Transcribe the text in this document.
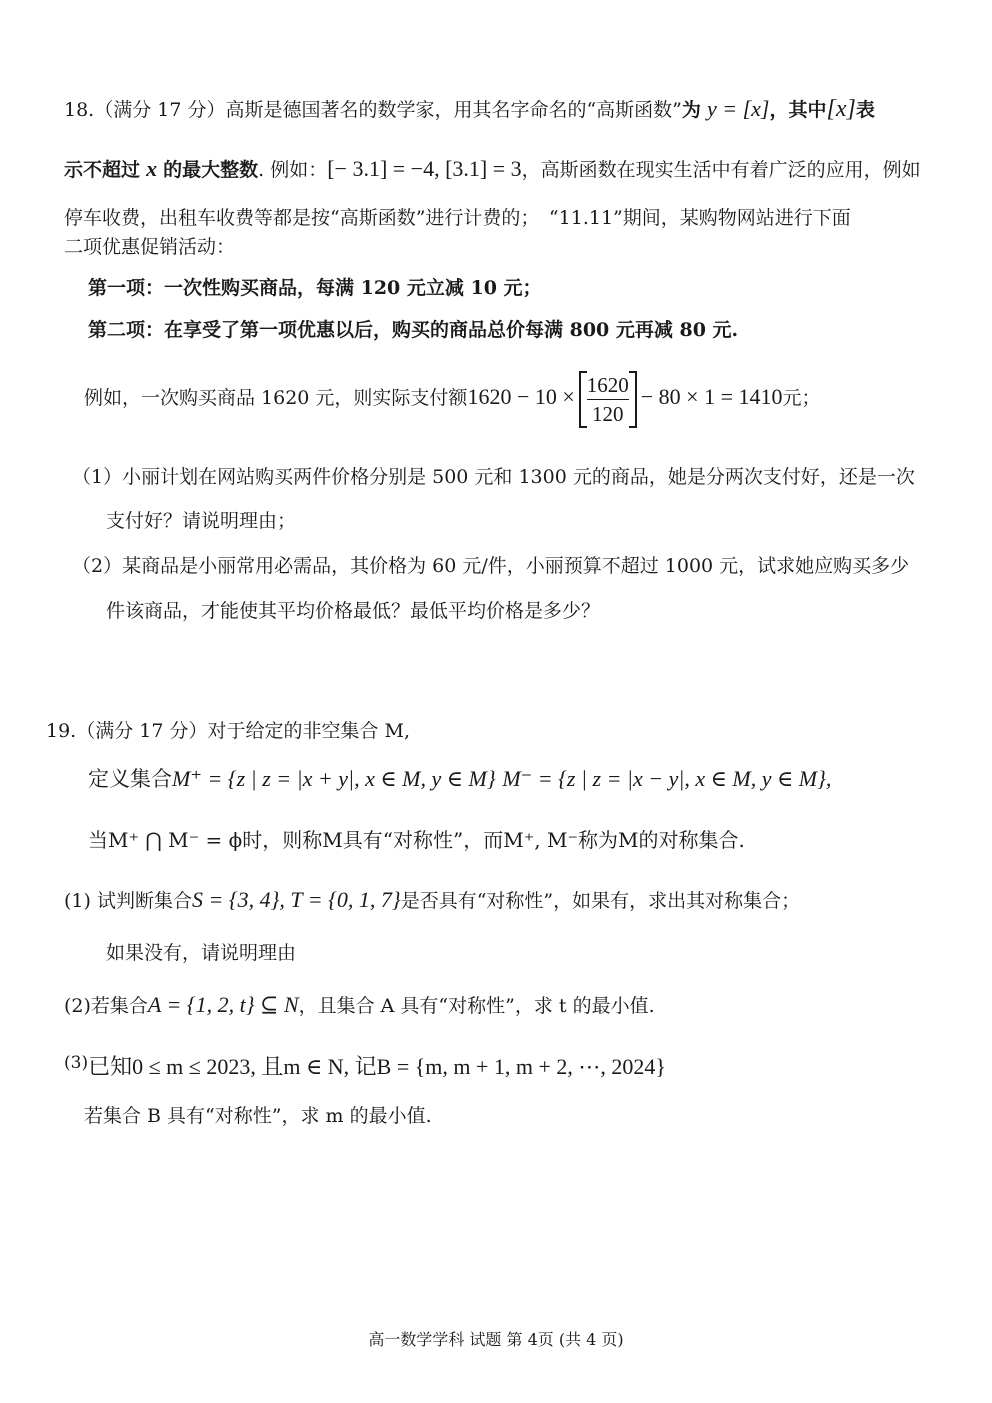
18.（满分 17 分）高斯是德国著名的数学家，用其名字命名的“高斯函数”为 y = [x]，其中[x]表
示不超过 x 的最大整数. 例如：[− 3.1] = −4, [3.1] = 3，高斯函数在现实生活中有着广泛的应用，例如
停车收费，出租车收费等都是按“高斯函数”进行计费的；　“11.11”期间，某购物网站进行下面
二项优惠促销活动：
第一项：一次性购买商品，每满 120 元立减 10 元；
第二项：在享受了第一项优惠以后，购买的商品总价每满 800 元再减 80 元.
例如，一次购买商品 1620 元，则实际支付额$1620 - 10 \times \frac{1620}{120} - 80 \times 1 = 1410$元；
（1）小丽计划在网站购买两件价格分别是 500 元和 1300 元的商品，她是分两次支付好，还是一次
支付好？请说明理由；
（2）某商品是小丽常用必需品，其价格为 60 元/件，小丽预算不超过 1000 元，试求她应购买多少
件该商品，才能使其平均价格最低？最低平均价格是多少？
19.（满分 17 分）对于给定的非空集合 M,
定义集合M⁺ = {z | z = |x + y|, x ∈ M, y ∈ M} M⁻ = {z | z = |x − y|, x ∈ M, y ∈ M},
当M⁺ ⋂ M⁻ = ϕ时，则称M具有“对称性”，而M⁺, M⁻称为M的对称集合.
(1) 试判断集合S = {3, 4}, T = {0, 1, 7}是否具有“对称性”，如果有，求出其对称集合；
如果没有，请说明理由
(2)若集合A = {1, 2, t} ⊆ N，且集合 A 具有“对称性”，求 t 的最小值.
$^{(3)}$已知0 ≤ m ≤ 2023, 且m ∈ N, 记B = {m, m + 1, m + 2, ⋯, 2024}
若集合 B 具有“对称性”，求 m 的最小值.
高一数学学科 试题 第 4页 (共 4 页)
